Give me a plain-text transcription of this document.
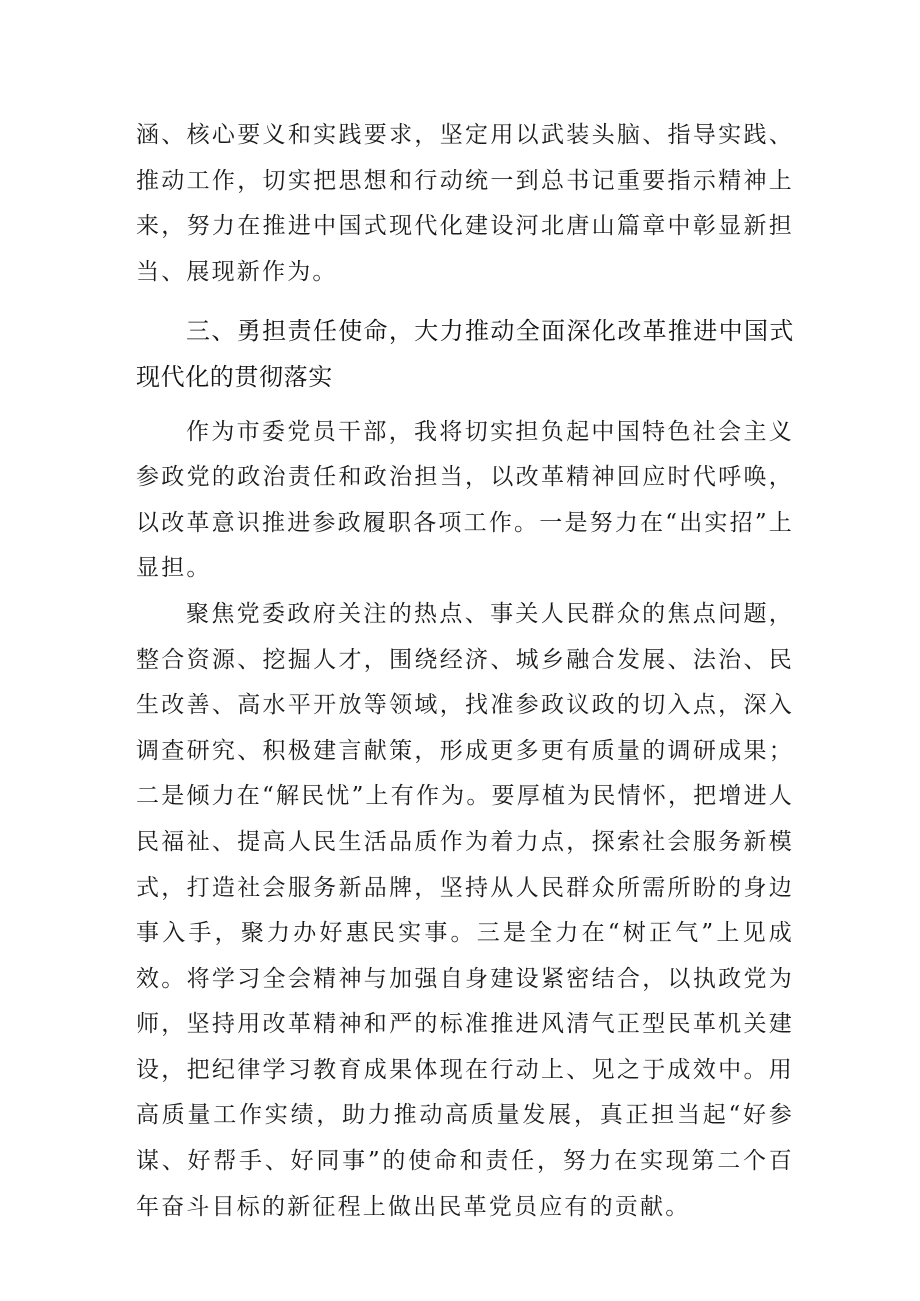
涵、核心要义和实践要求，坚定用以武装头脑、指导实践、推动工作，切实把思想和行动统一到总书记重要指示精神上来，努力在推进中国式现代化建设河北唐山篇章中彰显新担当、展现新作为。

三、勇担责任使命，大力推动全面深化改革推进中国式现代化的贯彻落实

作为市委党员干部，我将切实担负起中国特色社会主义参政党的政治责任和政治担当，以改革精神回应时代呼唤，以改革意识推进参政履职各项工作。一是努力在“出实招”上显担。

聚焦党委政府关注的热点、事关人民群众的焦点问题，整合资源、挖掘人才，围绕经济、城乡融合发展、法治、民生改善、高水平开放等领域，找准参政议政的切入点，深入调查研究、积极建言献策，形成更多更有质量的调研成果；二是倾力在“解民忧”上有作为。要厚植为民情怀，把增进人民福祉、提高人民生活品质作为着力点，探索社会服务新模式，打造社会服务新品牌，坚持从人民群众所需所盼的身边事入手，聚力办好惠民实事。三是全力在“树正气”上见成效。将学习全会精神与加强自身建设紧密结合，以执政党为师，坚持用改革精神和严的标准推进风清气正型民革机关建设，把纪律学习教育成果体现在行动上、见之于成效中。用高质量工作实绩，助力推动高质量发展，真正担当起“好参谋、好帮手、好同事”的使命和责任，努力在实现第二个百年奋斗目标的新征程上做出民革党员应有的贡献。
